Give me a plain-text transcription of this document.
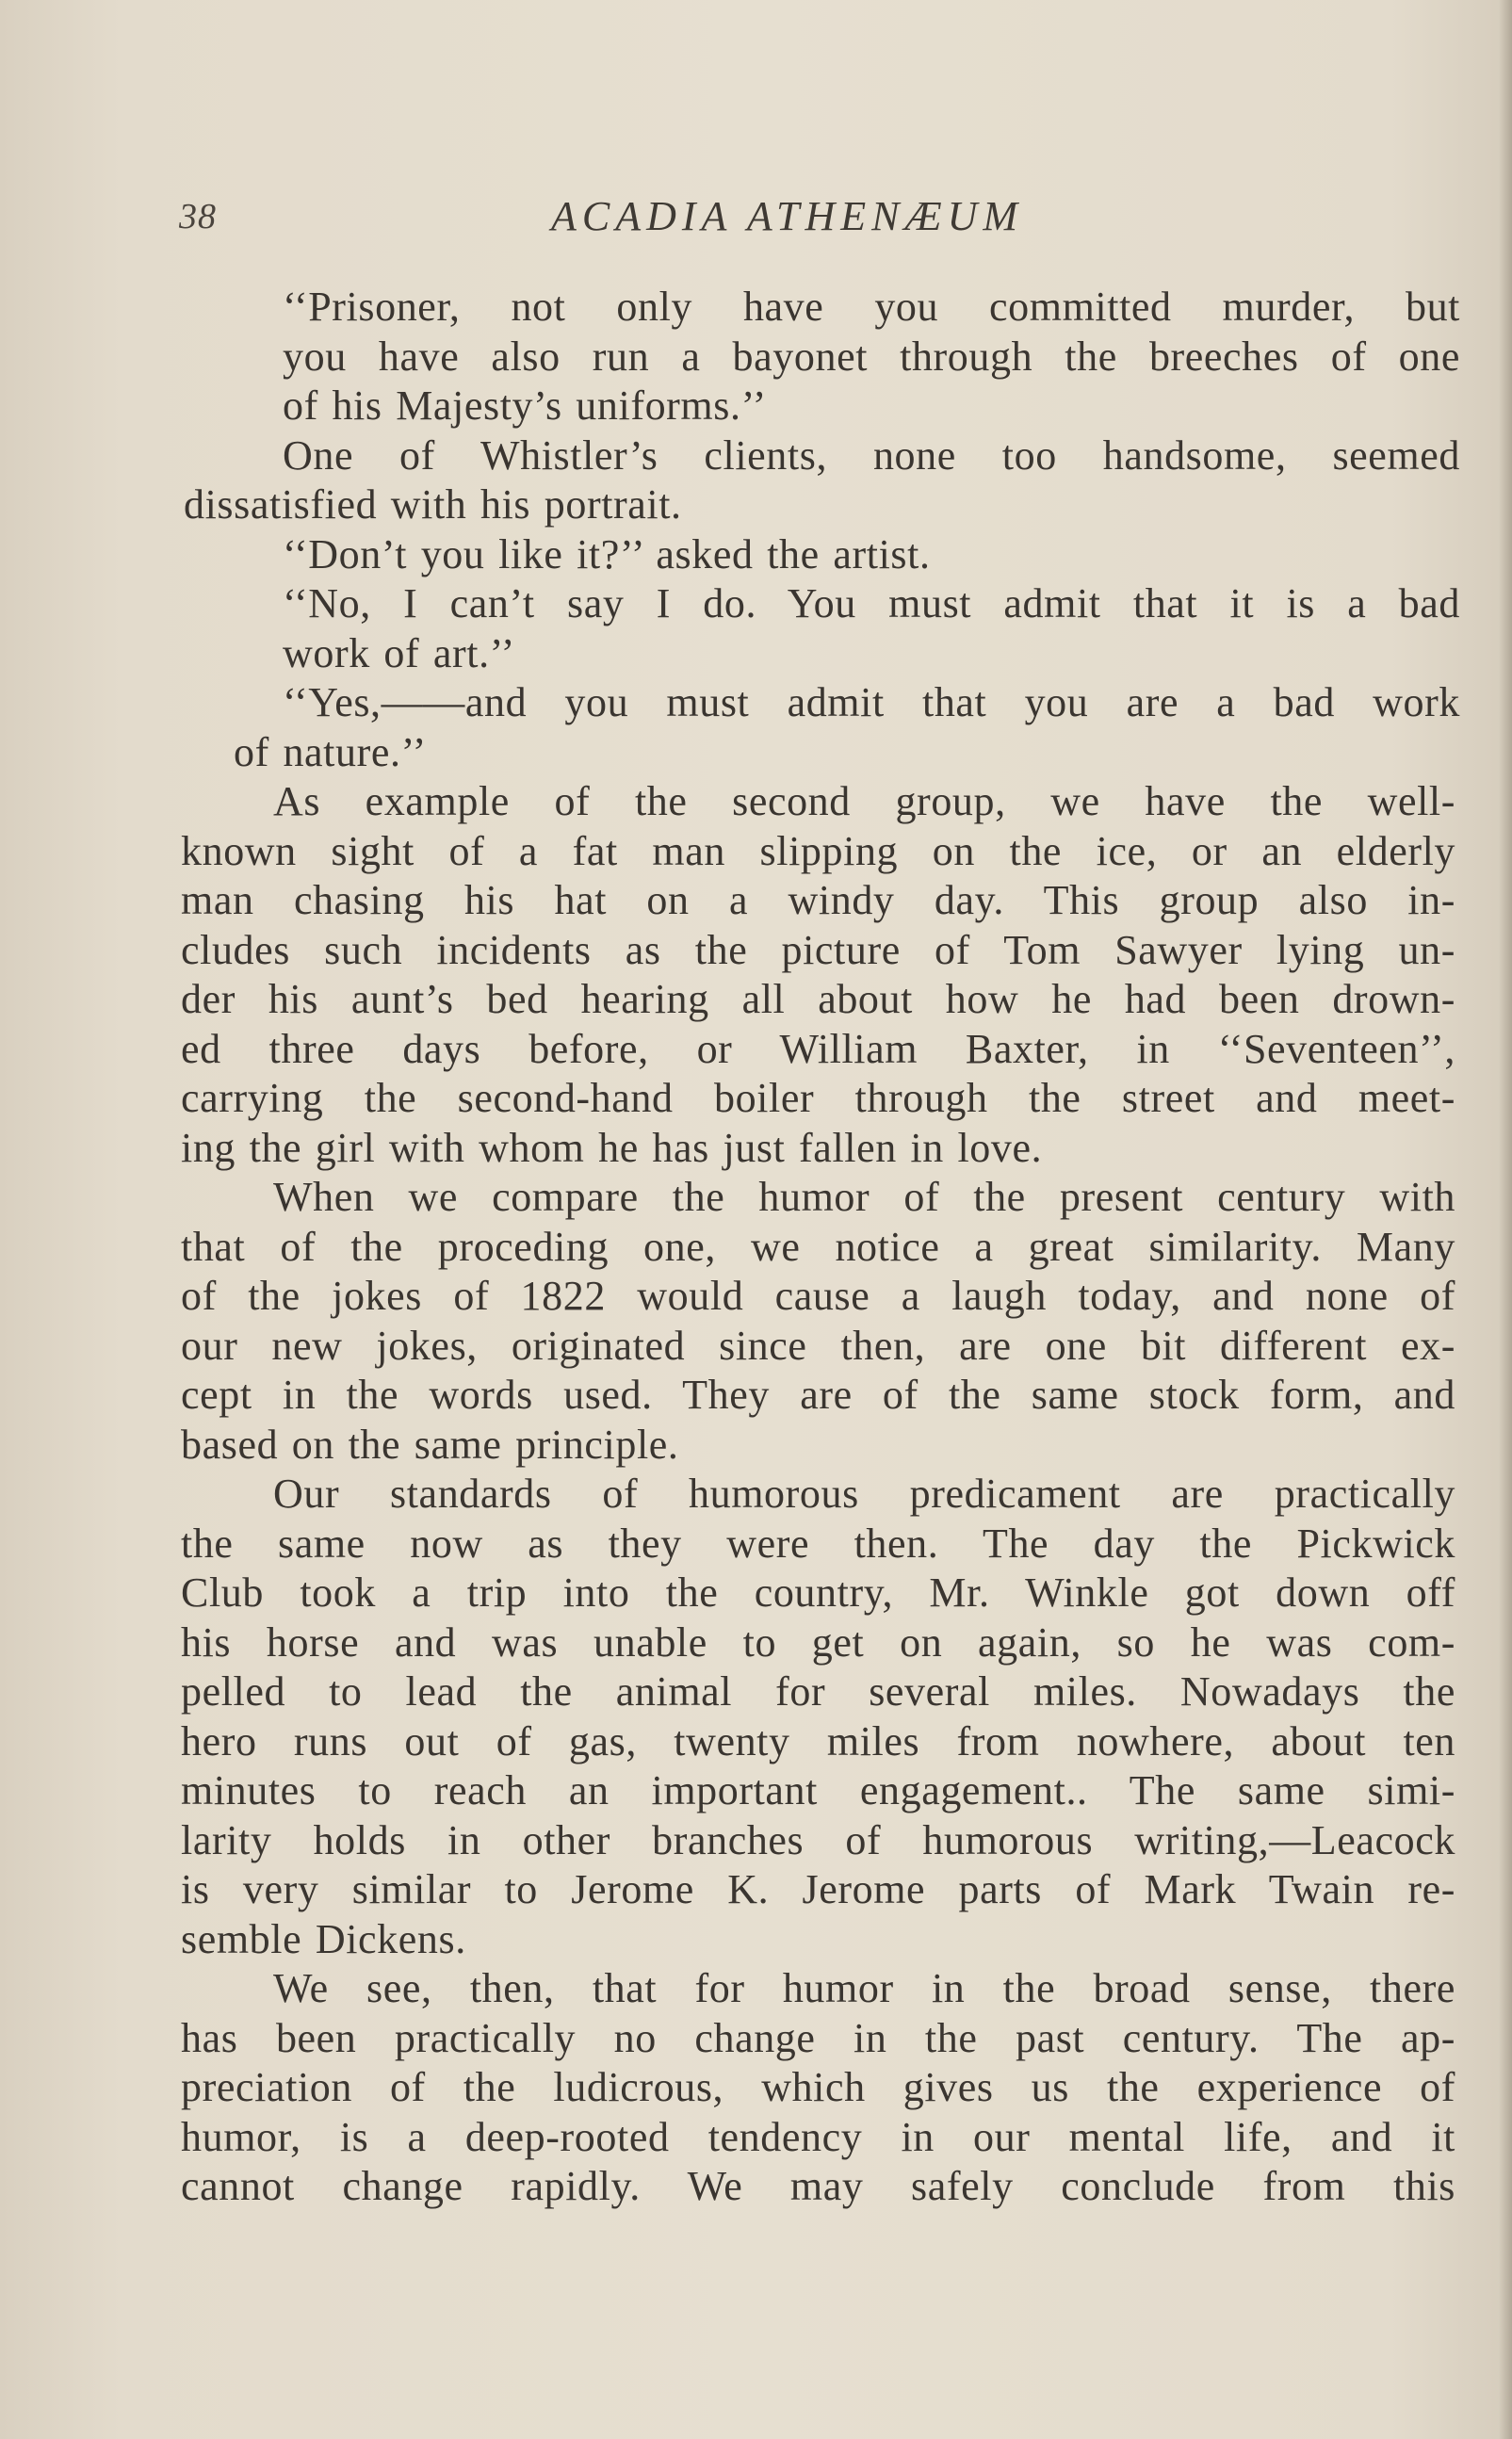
38	ACADIA ATHENÆUM
‘‘Prisoner, not only have you committed murder, but
you have also run a bayonet through the breeches of one
of his Majesty’s uniforms.’’
One of Whistler’s clients, none too handsome, seemed
dissatisfied with his portrait.
‘‘Don’t you like it?’’ asked the artist.
‘‘No, I can’t say I do. You must admit that it is a bad
work of art.’’
‘‘Yes,——and you must admit that you are a bad work
of nature.’’
As example of the second group, we have the well-
known sight of a fat man slipping on the ice, or an elderly
man chasing his hat on a windy day. This group also in-
cludes such incidents as the picture of Tom Sawyer lying un-
der his aunt’s bed hearing all about how he had been drown-
ed three days before, or William Baxter, in ‘‘Seventeen’’,
carrying the second-hand boiler through the street and meet-
ing the girl with whom he has just fallen in love.
When we compare the humor of the present century with
that of the proceding one, we notice a great similarity. Many
of the jokes of 1822 would cause a laugh today, and none of
our new jokes, originated since then, are one bit different ex-
cept in the words used. They are of the same stock form, and
based on the same principle.
Our standards of humorous predicament are practically
the same now as they were then. The day the Pickwick
Club took a trip into the country, Mr. Winkle got down off
his horse and was unable to get on again, so he was com-
pelled to lead the animal for several miles. Nowadays the
hero runs out of gas, twenty miles from nowhere, about ten
minutes to reach an important engagement.. The same simi-
larity holds in other branches of humorous writing,—Leacock
is very similar to Jerome K. Jerome parts of Mark Twain re-
semble Dickens.
We see, then, that for humor in the broad sense, there
has been practically no change in the past century. The ap-
preciation of the ludicrous, which gives us the experience of
humor, is a deep-rooted tendency in our mental life, and it
cannot change rapidly. We may safely conclude from this
